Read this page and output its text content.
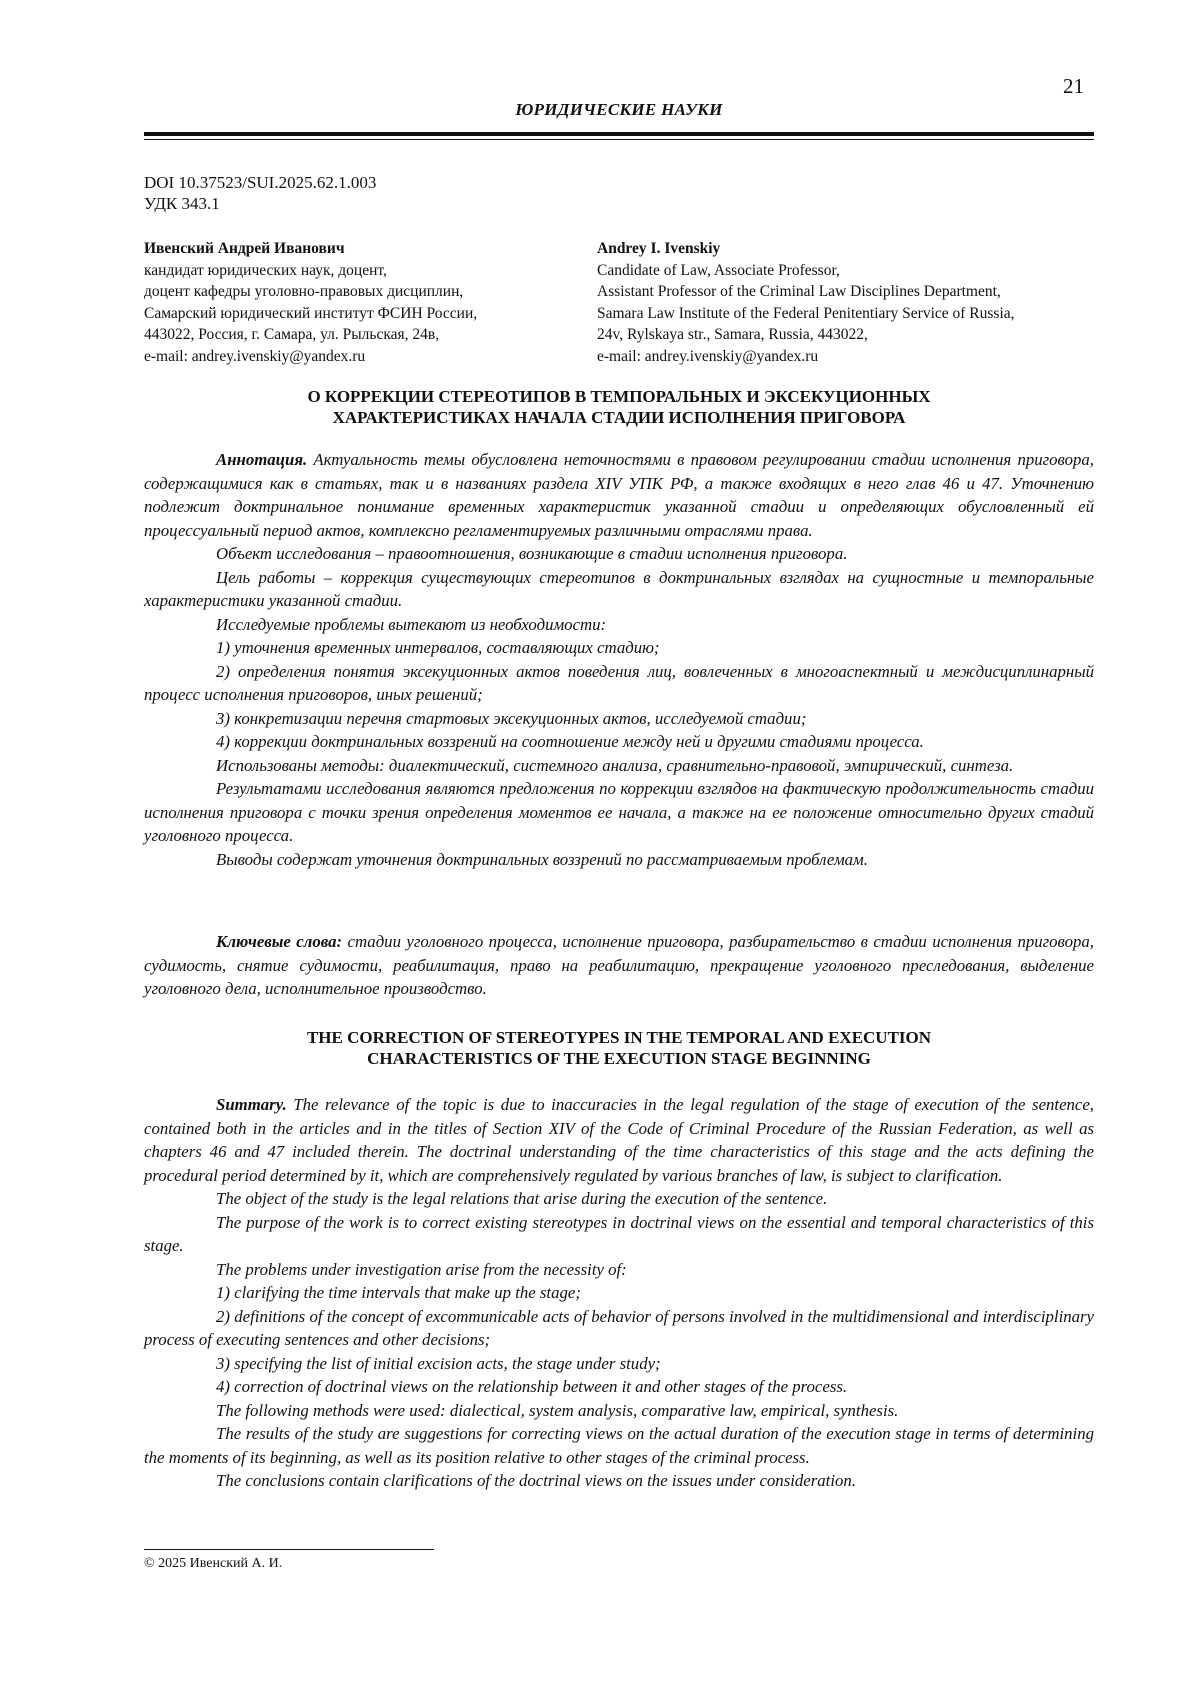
21
ЮРИДИЧЕСКИЕ НАУКИ
DOI 10.37523/SUI.2025.62.1.003
УДК 343.1
Ивенский Андрей Иванович
кандидат юридических наук, доцент,
доцент кафедры уголовно-правовых дисциплин,
Самарский юридический институт ФСИН России,
443022, Россия, г. Самара, ул. Рыльская, 24в,
e-mail: andrey.ivenskiy@yandex.ru
Andrey I. Ivenskiy
Candidate of Law, Associate Professor,
Assistant Professor of the Criminal Law Disciplines Department,
Samara Law Institute of the Federal Penitentiary Service of Russia,
24v, Rylskaya str., Samara, Russia, 443022,
e-mail: andrey.ivenskiy@yandex.ru
О КОРРЕКЦИИ СТЕРЕОТИПОВ В ТЕМПОРАЛЬНЫХ И ЭКСЕКУЦИОННЫХ
ХАРАКТЕРИСТИКАХ НАЧАЛА СТАДИИ ИСПОЛНЕНИЯ ПРИГОВОРА

Аннотация. Актуальность темы обусловлена неточностями в правовом регулировании стадии исполнения приговора, содержащимися как в статьях, так и в названиях раздела XIV УПК РФ, а также входящих в него глав 46 и 47. Уточнению подлежит доктринальное понимание временных характеристик указанной стадии и определяющих обусловленный ей процессуальный период актов, комплексно регламентируемых различными отраслями права.

Объект исследования – правоотношения, возникающие в стадии исполнения приговора.

Цель работы – коррекция существующих стереотипов в доктринальных взглядах на сущностные и темпоральные характеристики указанной стадии.

Исследуемые проблемы вытекают из необходимости:

1) уточнения временных интервалов, составляющих стадию;

2) определения понятия эксекуционных актов поведения лиц, вовлеченных в многоаспектный и междисциплинарный процесс исполнения приговоров, иных решений;

3) конкретизации перечня стартовых эксекуционных актов, исследуемой стадии;

4) коррекции доктринальных воззрений на соотношение между ней и другими стадиями процесса.

Использованы методы: диалектический, системного анализа, сравнительно-правовой, эмпирический, синтеза.

Результатами исследования являются предложения по коррекции взглядов на фактическую продолжительность стадии исполнения приговора с точки зрения определения моментов ее начала, а также на ее положение относительно других стадий уголовного процесса.

Выводы содержат уточнения доктринальных воззрений по рассматриваемым проблемам.

Ключевые слова: стадии уголовного процесса, исполнение приговора, разбирательство в стадии исполнения приговора, судимость, снятие судимости, реабилитация, право на реабилитацию, прекращение уголовного преследования, выделение уголовного дела, исполнительное производство.
THE CORRECTION OF STEREOTYPES IN THE TEMPORAL AND EXECUTION
CHARACTERISTICS OF THE EXECUTION STAGE BEGINNING

Summary. The relevance of the topic is due to inaccuracies in the legal regulation of the stage of execution of the sentence, contained both in the articles and in the titles of Section XIV of the Code of Criminal Procedure of the Russian Federation, as well as chapters 46 and 47 included therein. The doctrinal understanding of the time characteristics of this stage and the acts defining the procedural period determined by it, which are comprehensively regulated by various branches of law, is subject to clarification.

The object of the study is the legal relations that arise during the execution of the sentence.

The purpose of the work is to correct existing stereotypes in doctrinal views on the essential and temporal characteristics of this stage.

The problems under investigation arise from the necessity of:

1) clarifying the time intervals that make up the stage;

2) definitions of the concept of excommunicable acts of behavior of persons involved in the multidimensional and interdisciplinary process of executing sentences and other decisions;

3) specifying the list of initial excision acts, the stage under study;

4) correction of doctrinal views on the relationship between it and other stages of the process.

The following methods were used: dialectical, system analysis, comparative law, empirical, synthesis.

The results of the study are suggestions for correcting views on the actual duration of the execution stage in terms of determining the moments of its beginning, as well as its position relative to other stages of the criminal process.

The conclusions contain clarifications of the doctrinal views on the issues under consideration.

© 2025 Ивенский А. И.
